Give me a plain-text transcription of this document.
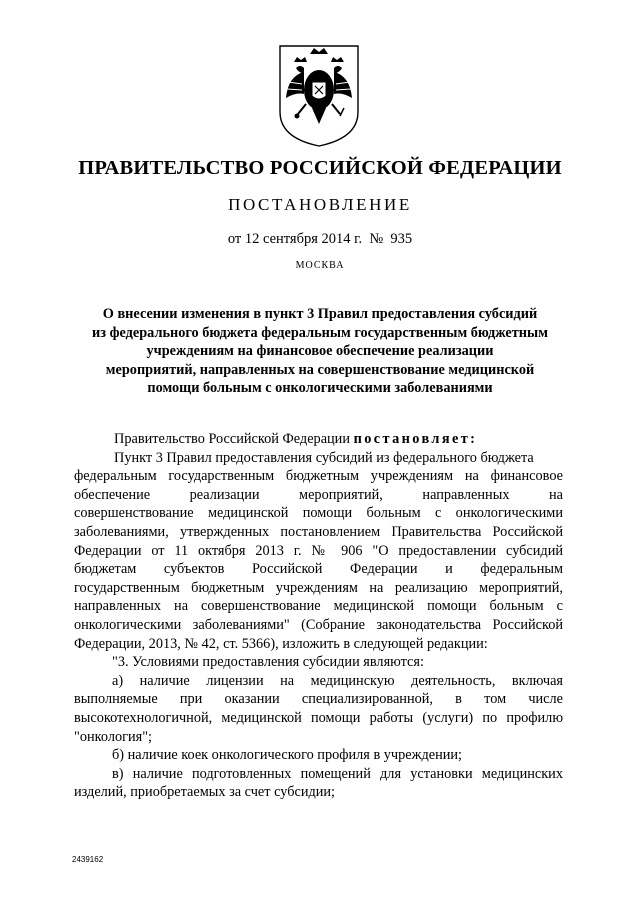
ПРАВИТЕЛЬСТВО РОССИЙСКОЙ ФЕДЕРАЦИИ
ПОСТАНОВЛЕНИЕ
от 12 сентября 2014 г.  №  935
МОСКВА
О внесении изменения в пункт 3 Правил предоставления субсидий
из федерального бюджета федеральным государственным бюджетным
учреждениям на финансовое обеспечение реализации
мероприятий, направленных на совершенствование медицинской
помощи больным с онкологическими заболеваниями
Правительство Российской Федерации постановляет:
Пункт 3 Правил предоставления субсидий из федерального бюджета
федеральным государственным бюджетным учреждениям на финансовое
обеспечение реализации мероприятий, направленных на
совершенствование медицинской помощи больным с онкологическими
заболеваниями, утвержденных постановлением Правительства Российской
Федерации от 11 октября 2013 г. № 906 "О предоставлении субсидий
бюджетам субъектов Российской Федерации и федеральным
государственным бюджетным учреждениям на реализацию мероприятий,
направленных на совершенствование медицинской помощи больным с
онкологическими заболеваниями" (Собрание законодательства Российской
Федерации, 2013, № 42, ст. 5366), изложить в следующей редакции:
"3. Условиями предоставления субсидии являются:
а) наличие лицензии на медицинскую деятельность, включая
выполняемые при оказании специализированной, в том числе
высокотехнологичной, медицинской помощи работы (услуги) по профилю
"онкология";
б) наличие коек онкологического профиля в учреждении;
в) наличие подготовленных помещений для установки медицинских
изделий, приобретаемых за счет субсидии;
2439162
